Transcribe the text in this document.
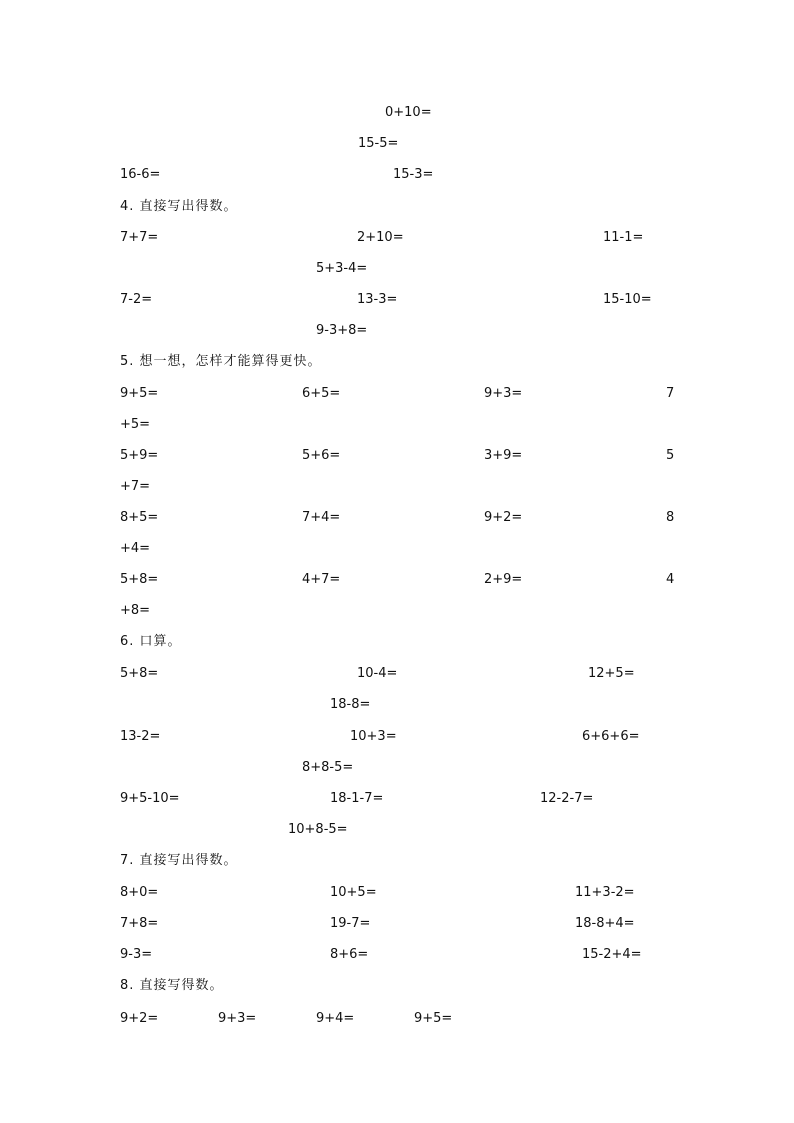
0+10=
15-5=
16-6=	15-3=
4. 直接写出得数。
7+7=	2+10=	11-1=
5+3-4=
7-2=	13-3=	15-10=
9-3+8=
5. 想一想，怎样才能算得更快。
9+5=	6+5=	9+3=	7
+5=
5+9=	5+6=	3+9=	5
+7=
8+5=	7+4=	9+2=	8
+4=
5+8=	4+7=	2+9=	4
+8=
6. 口算。
5+8=	10-4=	12+5=
18-8=
13-2=	10+3=	6+6+6=
8+8-5=
9+5-10=	18-1-7=	12-2-7=
10+8-5=
7. 直接写出得数。
8+0=	10+5=	11+3-2=
7+8=	19-7=	18-8+4=
9-3=	8+6=	15-2+4=
8. 直接写得数。
9+2=	9+3=	9+4=	9+5=
